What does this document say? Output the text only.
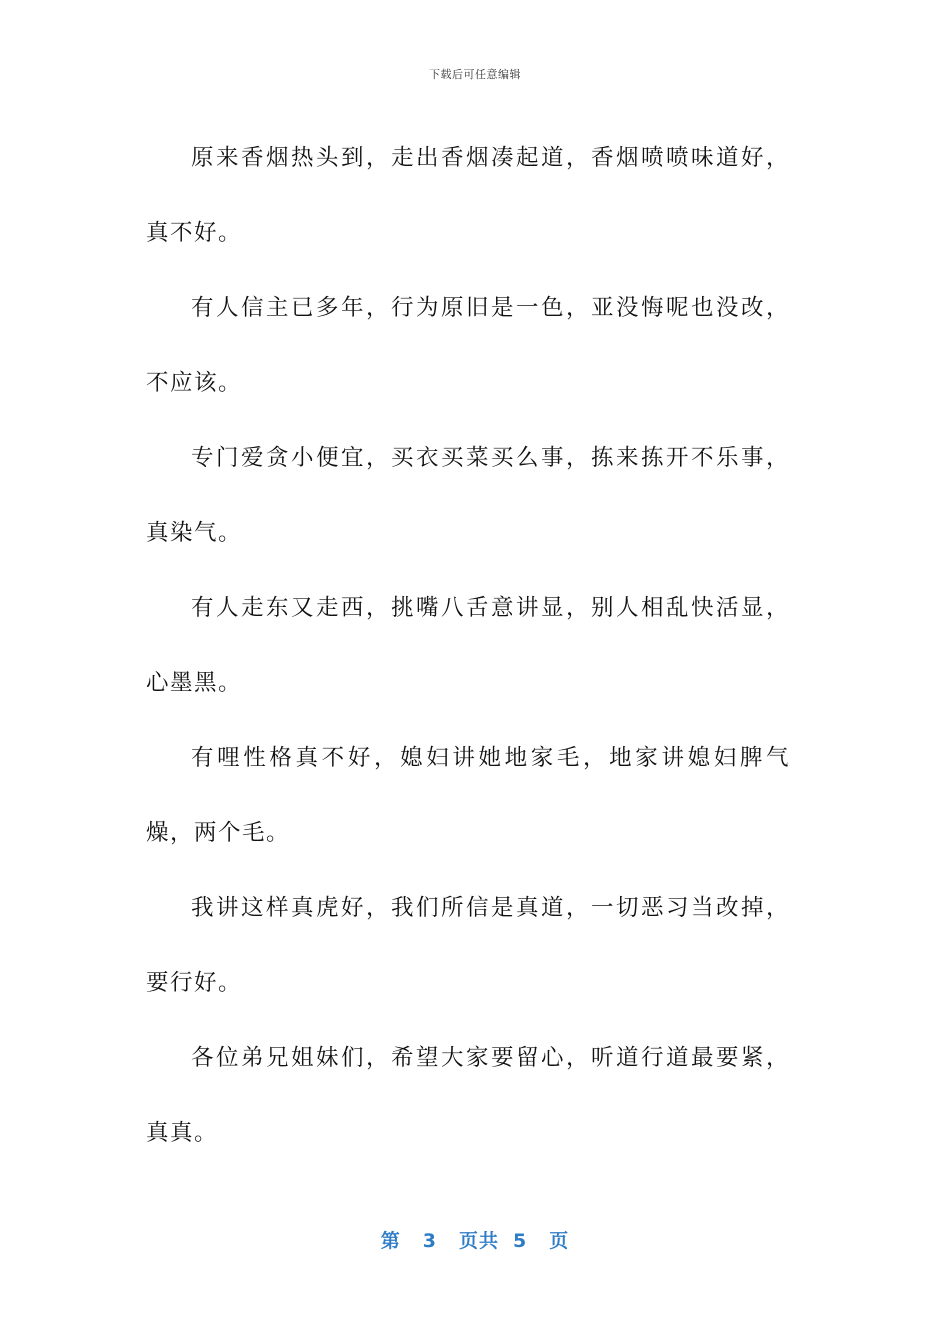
下载后可任意编辑

原来香烟热头到，走出香烟凑起道，香烟喷喷味道好，真不好。

有人信主已多年，行为原旧是一色，亚没悔呢也没改，不应该。

专门爱贪小便宜，买衣买菜买么事，拣来拣开不乐事，真染气。

有人走东又走西，挑嘴八舌意讲显，别人相乱快活显，心墨黑。

有哩性格真不好，媳妇讲她地家毛，地家讲媳妇脾气燥，两个毛。

我讲这样真虎好，我们所信是真道，一切恶习当改掉，要行好。

各位弟兄姐妹们，希望大家要留心，听道行道最要紧，真真。

第 3 页共 5 页
